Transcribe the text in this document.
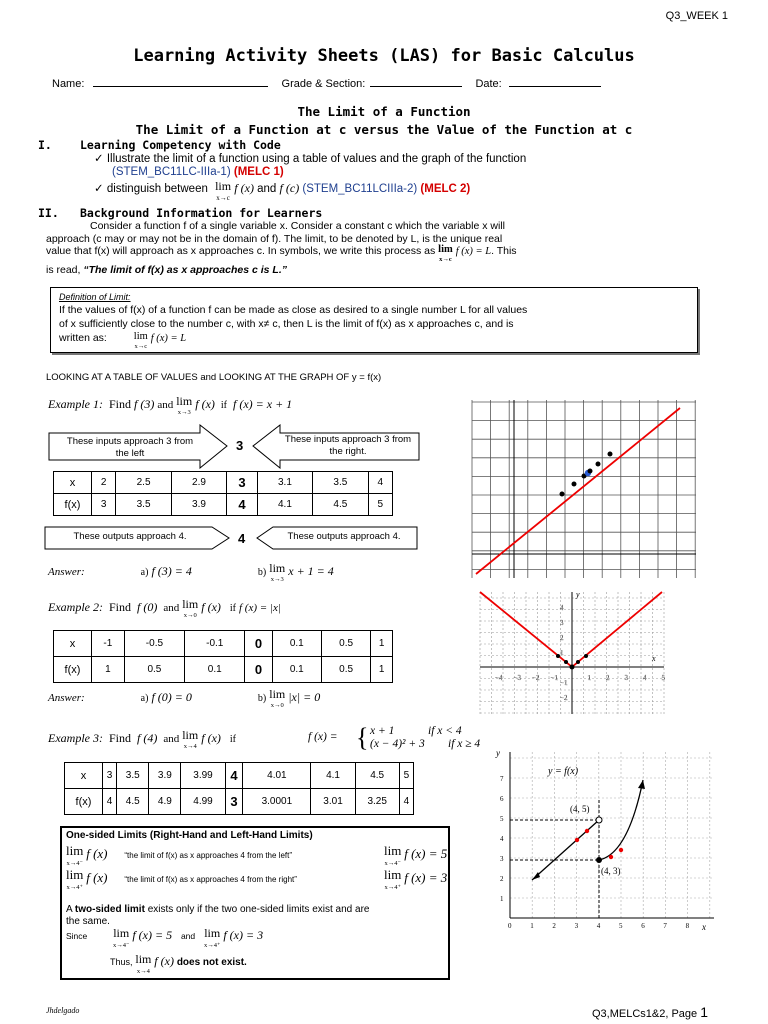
Q3_WEEK 1
Learning Activity Sheets (LAS) for Basic Calculus
Name:	Grade & Section:	Date:
The Limit of a Function
The Limit of a Function at c versus the Value of the Function at c
I. Learning Competency with Code
✓ Illustrate the limit of a function using a table of values and the graph of the function
(STEM_BC11LC-IIIa-1) (MELC 1)
✓ distinguish between lim
x→c f (x) and f (c) (STEM_BC11LCIIIa-2) (MELC 2)
II. Background Information for Learners
Consider a function f of a single variable x. Consider a constant c which the variable x will
approach (c may or may not be in the domain of f). The limit, to be denoted by L, is the unique real
value that f(x) will approach as x approaches c. In symbols, we write this process as lim
x→c f (x) = L. This
is read, “The limit of f(x) as x approaches c is L.”
Definition of Limit:
If the values of f(x) of a function f can be made as close as desired to a single number L for all values
of x sufficiently close to the number c, with x≠ c, then L is the limit of f(x) as x approaches c, and is
written as:	lim
x→c f (x) = L
LOOKING AT A TABLE OF VALUES and LOOKING AT THE GRAPH OF y = f(x)
Example 1: Find f (3) and lim
x→3 f (x) if f (x) = x + 1
These inputs approach 3 from the left
3	These inputs approach 3 from the right.
x	2	2.5	2.9	3	3.1	3.5	4
f(x)	3	3.5	3.9	4	4.1	4.5	5
These outputs approach 4.	4	These outputs approach 4.
Answer:	a) f (3) = 4	b) lim
x→3 x + 1 = 4
Example 2: Find f (0) and lim
x→0 f (x) if f (x) = |x|
x	-1	-0.5	-0.1	0	0.1	0.5	1
f(x)	1	0.5	0.1	0	0.1	0.5	1
Answer:	a) f (0) = 0	b) lim
x→0 |x| = 0
−4 −3 −2 −1	1 2 3 4 5
4
3
2
1
−1
−2
y
x
Example 3: Find f (4) and lim
x→4 f (x) if	f (x) = { x + 1	if x < 4
(x − 4)² + 3 if x ≥ 4
x	3	3.5	3.9	3.99	4	4.01	4.1	4.5	5
f(x)	4	4.5	4.9	4.99	3	3.0001	3.01	3.25	4
One-sided Limits (Right-Hand and Left-Hand Limits)
lim
x→4⁻ f (x) “the limit of f(x) as x approaches 4 from the left”	lim
x→4⁻ f (x) = 5
lim
x→4⁺ f (x) “the limit of f(x) as x approaches 4 from the right”	lim
x→4⁺ f (x) = 3
A two-sided limit exists only if the two one-sided limits exist and are
the same.
Since lim
x→4⁻ f (x) = 5 and lim
x→4⁺ f (x) = 3
Thus, lim
x→4 f (x) does not exist.
0	1	2	3	4	5	6	7	8
1
2
3
4
5
6
7
y = f(x)
(4, 5)
(4, 3)
y
x
Jhdelgado	Q3,MELCs1&2, Page 1
